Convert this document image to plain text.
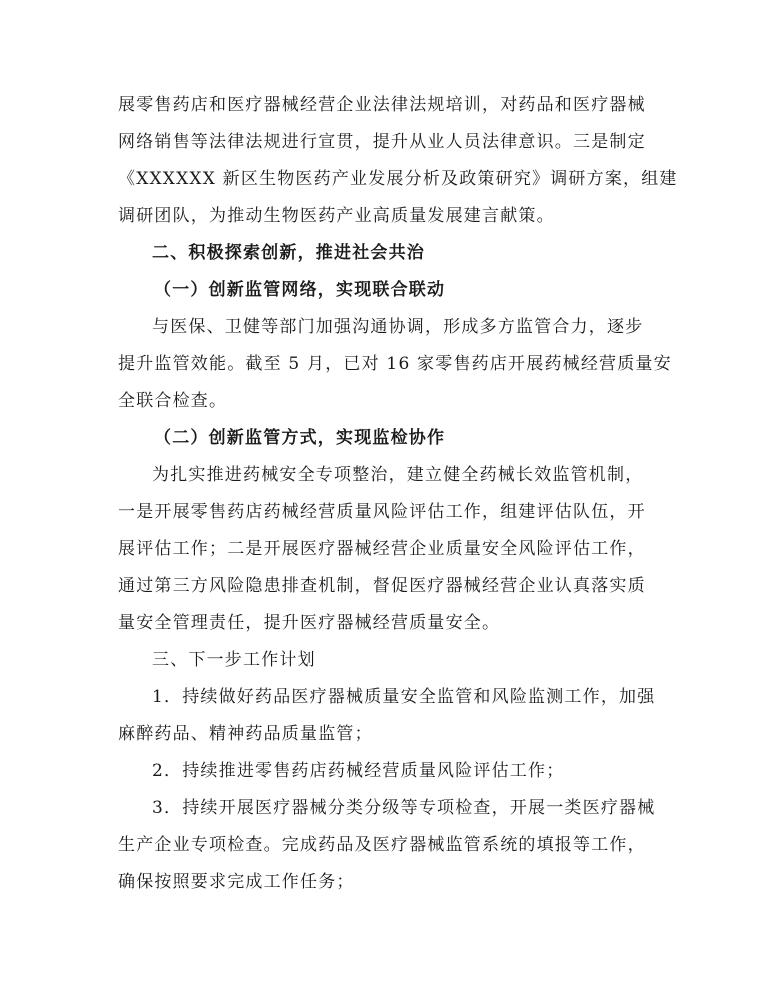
展零售药店和医疗器械经营企业法律法规培训，对药品和医疗器械
网络销售等法律法规进行宣贯，提升从业人员法律意识。三是制定
《XXXXXX 新区生物医药产业发展分析及政策研究》调研方案，组建
调研团队，为推动生物医药产业高质量发展建言献策。
二、积极探索创新，推进社会共治
（一）创新监管网络，实现联合联动
与医保、卫健等部门加强沟通协调，形成多方监管合力，逐步
提升监管效能。截至 5 月，已对 16 家零售药店开展药械经营质量安
全联合检查。
（二）创新监管方式，实现监检协作
为扎实推进药械安全专项整治，建立健全药械长效监管机制，
一是开展零售药店药械经营质量风险评估工作，组建评估队伍，开
展评估工作；二是开展医疗器械经营企业质量安全风险评估工作，
通过第三方风险隐患排查机制，督促医疗器械经营企业认真落实质
量安全管理责任，提升医疗器械经营质量安全。
三、下一步工作计划
1．持续做好药品医疗器械质量安全监管和风险监测工作，加强
麻醉药品、精神药品质量监管；
2．持续推进零售药店药械经营质量风险评估工作；
3．持续开展医疗器械分类分级等专项检查，开展一类医疗器械
生产企业专项检查。完成药品及医疗器械监管系统的填报等工作，
确保按照要求完成工作任务；
